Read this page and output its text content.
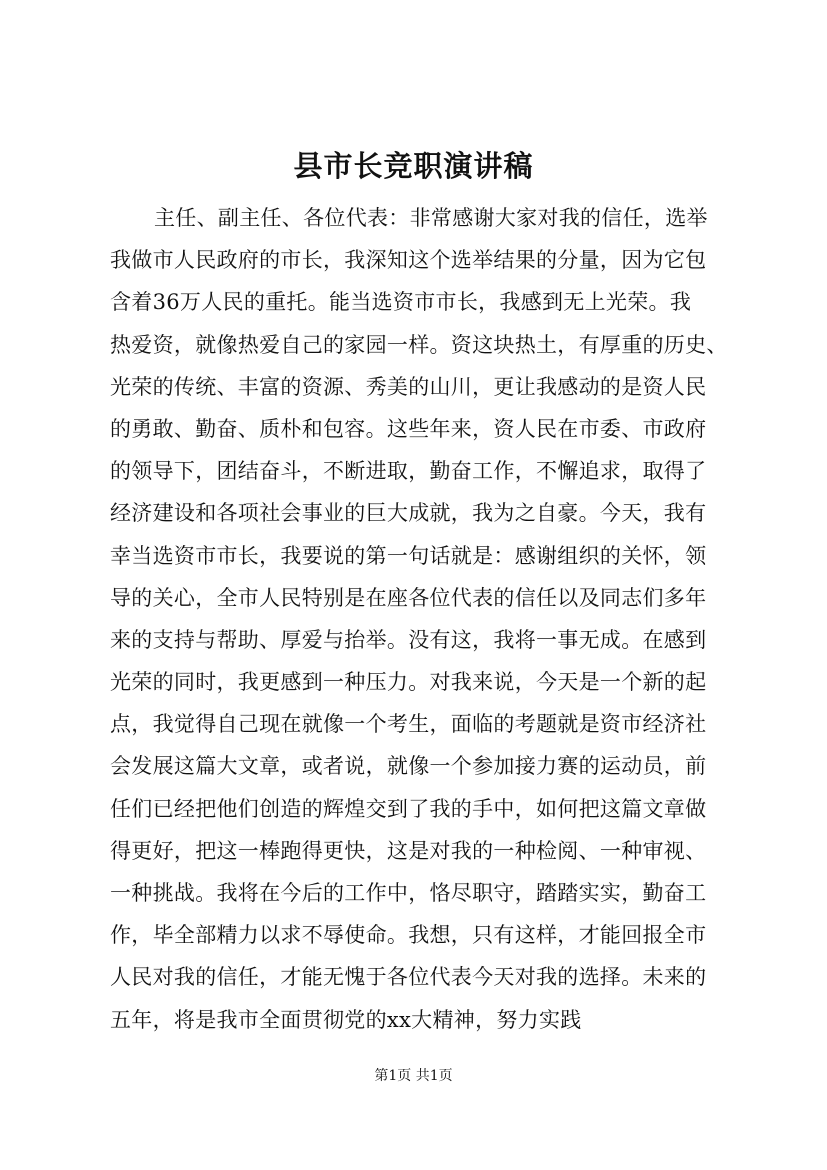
县市长竞职演讲稿
主任、副主任、各位代表：非常感谢大家对我的信任，选举
我做市人民政府的市长，我深知这个选举结果的分量，因为它包
含着36万人民的重托。能当选资市市长，我感到无上光荣。我
热爱资，就像热爱自己的家园一样。资这块热土，有厚重的历史、
光荣的传统、丰富的资源、秀美的山川，更让我感动的是资人民
的勇敢、勤奋、质朴和包容。这些年来，资人民在市委、市政府
的领导下，团结奋斗，不断进取，勤奋工作，不懈追求，取得了
经济建设和各项社会事业的巨大成就，我为之自豪。今天，我有
幸当选资市市长，我要说的第一句话就是：感谢组织的关怀，领
导的关心，全市人民特别是在座各位代表的信任以及同志们多年
来的支持与帮助、厚爱与抬举。没有这，我将一事无成。在感到
光荣的同时，我更感到一种压力。对我来说，今天是一个新的起
点，我觉得自己现在就像一个考生，面临的考题就是资市经济社
会发展这篇大文章，或者说，就像一个参加接力赛的运动员，前
任们已经把他们创造的辉煌交到了我的手中，如何把这篇文章做
得更好，把这一棒跑得更快，这是对我的一种检阅、一种审视、
一种挑战。我将在今后的工作中，恪尽职守，踏踏实实，勤奋工
作，毕全部精力以求不辱使命。我想，只有这样，才能回报全市
人民对我的信任，才能无愧于各位代表今天对我的选择。未来的
五年，将是我市全面贯彻党的xx大精神，努力实践
第1页 共1页
